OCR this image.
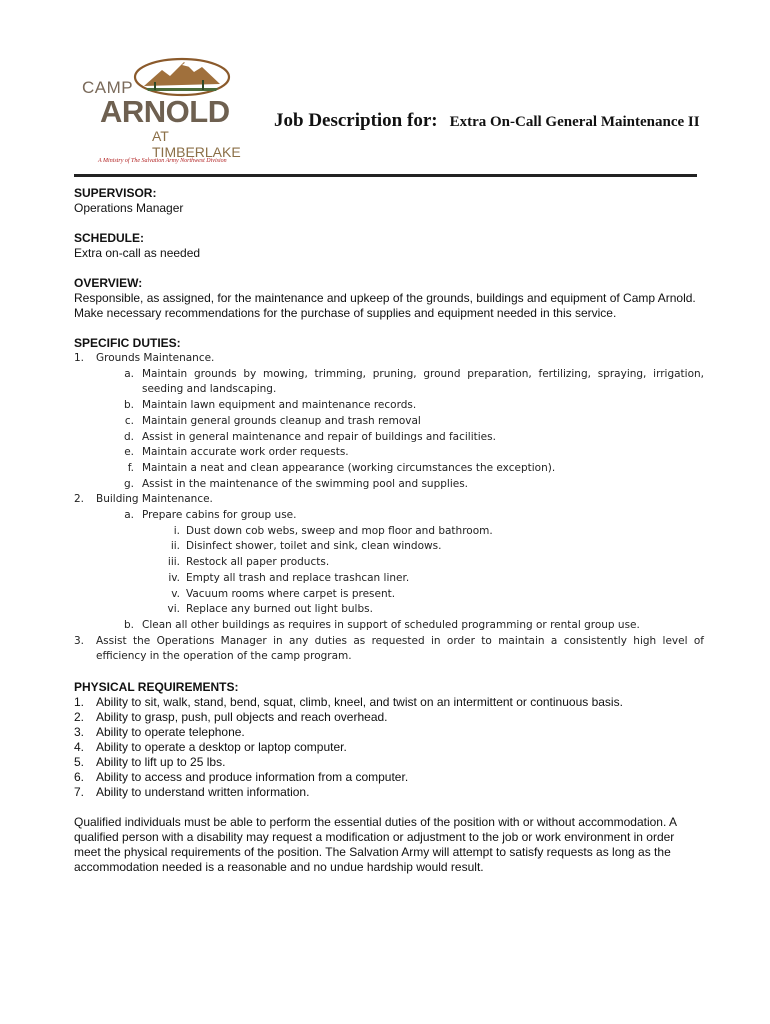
CAMP
ARNOLD
AT TIMBERLAKE
A Ministry of The Salvation Army Northwest Division
Job Description for: Extra On-Call General Maintenance II
SUPERVISOR:
Operations Manager
SCHEDULE:
Extra on-call as needed
OVERVIEW:
Responsible, as assigned, for the maintenance and upkeep of the grounds, buildings and equipment of Camp Arnold. Make necessary recommendations for the purchase of supplies and equipment needed in this service.
SPECIFIC DUTIES:
1.	Grounds Maintenance.
a. Maintain grounds by mowing, trimming, pruning, ground preparation, fertilizing, spraying, irrigation, seeding and landscaping.
b. Maintain lawn equipment and maintenance records.
c. Maintain general grounds cleanup and trash removal
d. Assist in general maintenance and repair of buildings and facilities.
e. Maintain accurate work order requests.
f. Maintain a neat and clean appearance (working circumstances the exception).
g. Assist in the maintenance of the swimming pool and supplies.
2.	Building Maintenance.
a. Prepare cabins for group use.
i. Dust down cob webs, sweep and mop floor and bathroom.
ii. Disinfect shower, toilet and sink, clean windows.
iii. Restock all paper products.
iv. Empty all trash and replace trashcan liner.
v. Vacuum rooms where carpet is present.
vi. Replace any burned out light bulbs.
b. Clean all other buildings as requires in support of scheduled programming or rental group use.
3.	Assist the Operations Manager in any duties as requested in order to maintain a consistently high level of efficiency in the operation of the camp program.
PHYSICAL REQUIREMENTS:
1. Ability to sit, walk, stand, bend, squat, climb, kneel, and twist on an intermittent or continuous basis.
2. Ability to grasp, push, pull objects and reach overhead.
3. Ability to operate telephone.
4. Ability to operate a desktop or laptop computer.
5. Ability to lift up to 25 lbs.
6. Ability to access and produce information from a computer.
7. Ability to understand written information.
Qualified individuals must be able to perform the essential duties of the position with or without accommodation. A qualified person with a disability may request a modification or adjustment to the job or work environment in order meet the physical requirements of the position. The Salvation Army will attempt to satisfy requests as long as the accommodation needed is a reasonable and no undue hardship would result.
